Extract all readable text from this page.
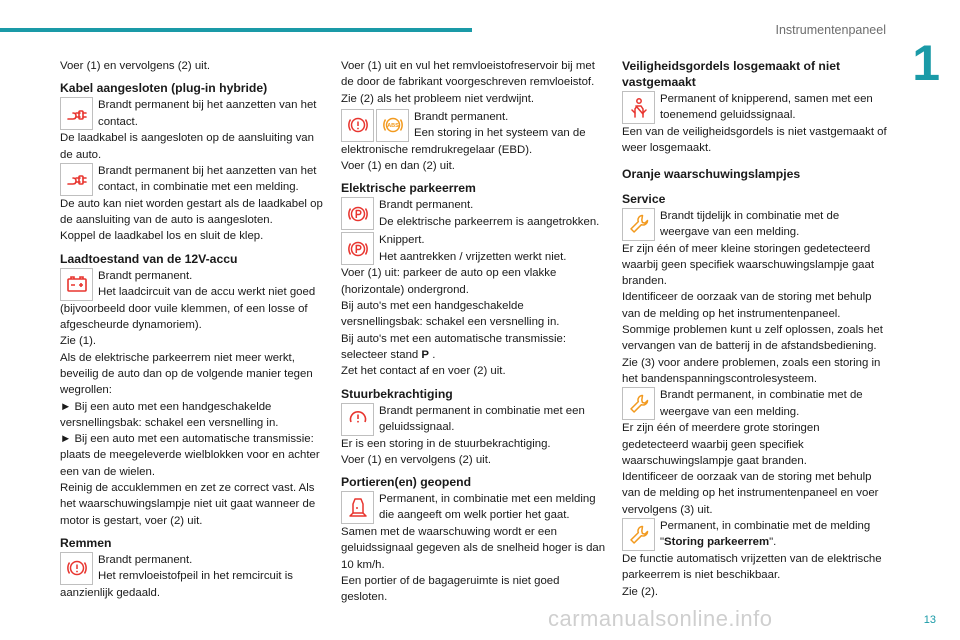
Instrumentenpaneel
1
Voer (1) en vervolgens (2) uit.
Kabel aangesloten (plug-in hybride)
Brandt permanent bij het aanzetten van het
contact.
De laadkabel is aangesloten op de aansluiting van de auto.
Brandt permanent bij het aanzetten van het
contact, in combinatie met een melding.
De auto kan niet worden gestart als de laadkabel op de aansluiting van de auto is aangesloten.
Koppel de laadkabel los en sluit de klep.
Laadtoestand van de 12V-accu
Brandt permanent.
Het laadcircuit van de accu werkt niet goed
(bijvoorbeeld door vuile klemmen, of een losse of afgescheurde dynamoriem).
Zie (1).
Als de elektrische parkeerrem niet meer werkt, beveilig de auto dan op de volgende manier tegen wegrollen:
► Bij een auto met een handgeschakelde versnellingsbak: schakel een versnelling in.
► Bij een auto met een automatische transmissie: plaats de meegeleverde wielblokken voor en achter een van de wielen.
Reinig de accuklemmen en zet ze correct vast. Als het waarschuwingslampje niet uit gaat wanneer de motor is gestart, voer (2) uit.
Remmen
Brandt permanent.
Het remvloeistofpeil in het remcircuit is
aanzienlijk gedaald.
Voer (1) uit en vul het remvloeistofreservoir bij met de door de fabrikant voorgeschreven remvloeistof.
Zie (2) als het probleem niet verdwijnt.
ABS
Brandt permanent.
Een storing in het systeem van de
elektronische remdrukregelaar (EBD).
Voer (1) en dan (2) uit.
Elektrische parkeerrem
Brandt permanent.
De elektrische parkeerrem is aangetrokken.
Knippert.
Het aantrekken / vrijzetten werkt niet.
Voer (1) uit: parkeer de auto op een vlakke (horizontale) ondergrond.
Bij auto's met een handgeschakelde versnellingsbak: schakel een versnelling in.
Bij auto's met een automatische transmissie: selecteer stand P .
Zet het contact af en voer (2) uit.
Stuurbekrachtiging
Brandt permanent in combinatie met een
geluidssignaal.
Er is een storing in de stuurbekrachtiging.
Voer (1) en vervolgens (2) uit.
Portieren(en) geopend
Permanent, in combinatie met een melding
die aangeeft om welk portier het gaat.
Samen met de waarschuwing wordt er een geluidssignaal gegeven als de snelheid hoger is dan 10 km/h.
Een portier of de bagageruimte is niet goed gesloten.
Veiligheidsgordels losgemaakt of niet vastgemaakt
Permanent of knipperend, samen met een
toenemend geluidssignaal.
Een van de veiligheidsgordels is niet vastgemaakt of weer losgemaakt.
Oranje waarschuwingslampjes
Service
Brandt tijdelijk in combinatie met de
weergave van een melding.
Er zijn één of meer kleine storingen gedetecteerd waarbij geen specifiek waarschuwingslampje gaat branden.
Identificeer de oorzaak van de storing met behulp van de melding op het instrumentenpaneel.
Sommige problemen kunt u zelf oplossen, zoals het vervangen van de batterij in de afstandsbediening.
Zie (3) voor andere problemen, zoals een storing in het bandenspanningscontrolesysteem.
Brandt permanent, in combinatie met de
weergave van een melding.
Er zijn één of meerdere grote storingen gedetecteerd waarbij geen specifiek waarschuwingslampje gaat branden.
Identificeer de oorzaak van de storing met behulp van de melding op het instrumentenpaneel en voer vervolgens (3) uit.
Permanent, in combinatie met de melding
"Storing parkeerrem".
De functie automatisch vrijzetten van de elektrische parkeerrem is niet beschikbaar.
Zie (2).
carmanualsonline.info	13
